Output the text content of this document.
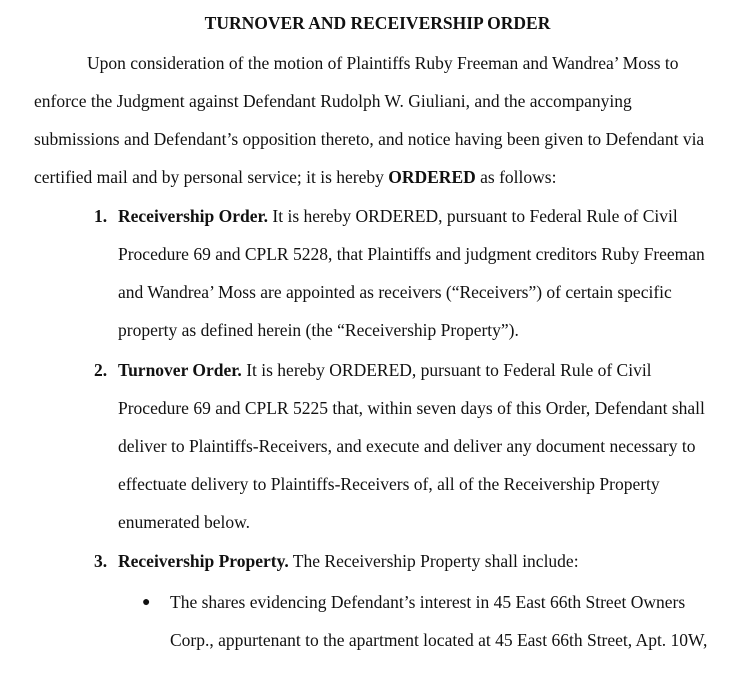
TURNOVER AND RECEIVERSHIP ORDER
Upon consideration of the motion of Plaintiffs Ruby Freeman and Wandrea’ Moss to
enforce the Judgment against Defendant Rudolph W. Giuliani, and the accompanying
submissions and Defendant’s opposition thereto, and notice having been given to Defendant via
certified mail and by personal service; it is hereby ORDERED as follows:
1. Receivership Order. It is hereby ORDERED, pursuant to Federal Rule of Civil
Procedure 69 and CPLR 5228, that Plaintiffs and judgment creditors Ruby Freeman
and Wandrea’ Moss are appointed as receivers (“Receivers”) of certain specific
property as defined herein (the “Receivership Property”).
2. Turnover Order. It is hereby ORDERED, pursuant to Federal Rule of Civil
Procedure 69 and CPLR 5225 that, within seven days of this Order, Defendant shall
deliver to Plaintiffs-Receivers, and execute and deliver any document necessary to
effectuate delivery to Plaintiffs-Receivers of, all of the Receivership Property
enumerated below.
3. Receivership Property. The Receivership Property shall include:
● The shares evidencing Defendant’s interest in 45 East 66th Street Owners
Corp., appurtenant to the apartment located at 45 East 66th Street, Apt. 10W,
